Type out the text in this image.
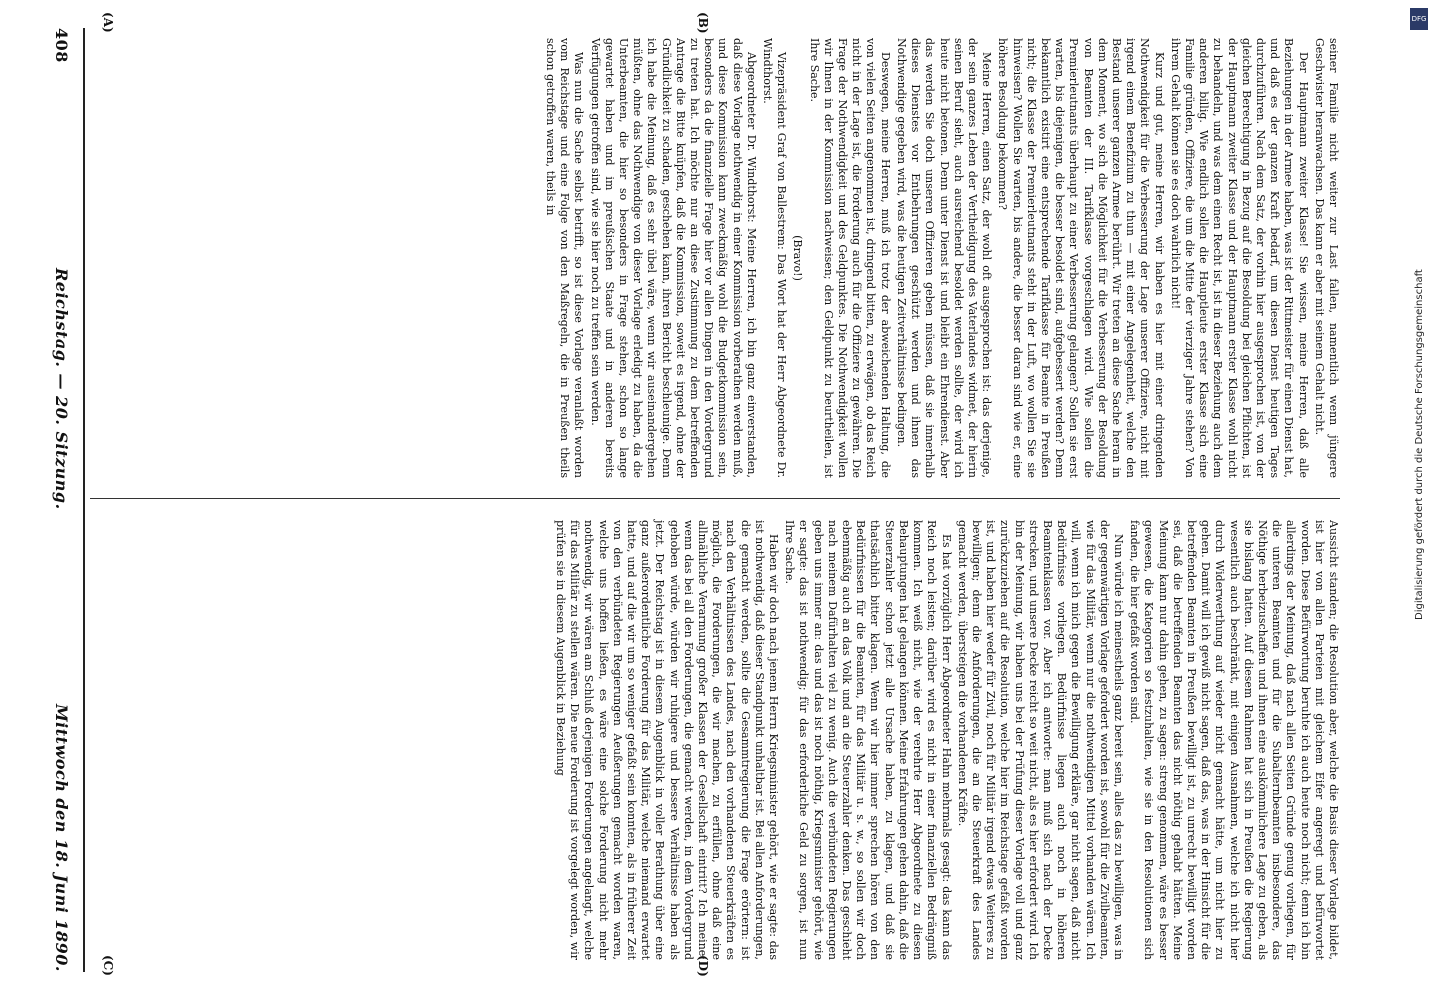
408
Reichstag. — 20. Sitzung.
Mittwoch den 18. Juni 1890.
(A)	(B)
(C)	(D)

seiner Familie nicht weiter zur Last fallen, namentlich wenn jüngere Geschwister heranwachsen. Das kann er aber mit seinem Gehalt nicht.

Der Hauptmann zweiter Klasse! Sie wissen, meine Herren, daß alle Beziehungen in der Armee haben, was ist der Rittmeister für einen Dienst hat, und daß es der ganzen Kraft bedarf, um diesen Dienst heutigen Tages durchzuführen. Nach dem Satz, der vorhin hier ausgesprochen ist, von der gleichen Berechtigung in Bezug auf die Besoldung bei gleichen Pflichten, ist der Hauptmann zweiter Klasse und der Hauptmann erster Klasse wohl nicht zu behandeln, und was dem einen Recht ist, ist in dieser Beziehung auch dem anderen billig. Wie endlich sollen die Hauptleute erster Klasse sich eine Familie gründen, Offiziere, die um die Mitte der vierziger Jahre stehen? Von ihrem Gehalt können sie es doch wahrlich nicht!

Kurz und gut, meine Herren, wir haben es hier mit einer dringenden Nothwendigkeit für die Verbesserung der Lage unserer Offiziere, nicht mit irgend einem Benefizium zu thun — mit einer Angelegenheit, welche den Bestand unserer ganzen Armee berührt. Wir treten an diese Sache heran in dem Moment, wo sich die Möglichkeit für die Verbesserung der Besoldung von Beamten der III. Tarifklasse vorgeschlagen wird. Wie sollen die Premierleutnants überhaupt zu einer Verbesserung gelangen? Sollen sie erst warten, bis diejenigen, die besser besoldet sind, aufgebessert werden? Denn bekanntlich existirt eine entsprechende Tarifklasse für Beamte in Preußen nicht; die Klasse der Premierleutnants steht in der Luft, wo wollen Sie sie hinweisen? Wollen Sie warten, bis andere, die besser daran sind wie er, eine höhere Besoldung bekommen?

Meine Herren, einen Satz, der wohl oft ausgesprochen ist: das derjenige, der sein ganzes Leben der Vertheidigung des Vaterlandes widmet, der hierin seinen Beruf sieht, auch ausreichend besoldet werden sollte, der wird ich heute nicht betonen. Denn unter Dienst ist und bleibt ein Ehrendienst. Aber das werden Sie doch unseren Offizieren geben müssen, daß sie innerhalb dieses Dienstes vor Entbehrungen geschützt werden und ihnen das Nothwendige gegeben wird, was die heutigen Zeitverhältnisse bedingen.

Deswegen, meine Herren, muß ich trotz der abweichenden Haltung, die von vielen Seiten angenommen ist, dringend bitten, zu erwägen, ob das Reich nicht in der Lage ist, die Forderung auch für die Offiziere zu gewähren. Die Frage der Nothwendigkeit und des Geldpunktes. Die Nothwendigkeit wollen wir Ihnen in der Kommission nachweisen; den Geldpunkt zu beurtheilen, ist Ihre Sache.

(Bravo!)

Vizepräsident Graf von Ballestrem: Das Wort hat der Herr Abgeordnete Dr. Windthorst.

Abgeordneter Dr. Windthorst: Meine Herren, ich bin ganz einverstanden, daß diese Vorlage nothwendig in einer Kommission vorberathen werden muß, und diese Kommission kann zweckmäßig wohl die Budgetkommission sein, besonders da die finanzielle Frage hier vor allen Dingen in den Vordergrund zu treten hat. Ich möchte nur an diese Zustimmung zu dem betreffenden Antrage die Bitte knüpfen, daß die Kommission, soweit es irgend, ohne der Gründlichkeit zu schaden, geschehen kann, ihren Bericht beschleunige. Denn ich habe die Meinung, daß es sehr übel wäre, wenn wir auseinandergehen müßten, ohne das Nothwendige von dieser Vorlage erledigt zu haben, da die Unterbeamten, die hier so besonders in Frage stehen, schon so lange gewartet haben und im preußischen Staate und in anderen bereits Verfügungen getroffen sind, wie sie hier noch zu treffen sein werden.

Was nun die Sache selbst betrifft, so ist diese Vorlage veranlaßt worden vom Reichstage und eine Folge von den Maßregeln, die in Preußen theils schon getroffen waren, theils in

Aussicht standen; die Resolution aber, welche die Basis dieser Vorlage bildet, ist hier von allen Parteien mit gleichem Eifer angeregt und befürwortet worden. Diese Befürwortung beruhte ich auch heute noch nicht; denn ich bin allerdings der Meinung, daß nach allen Seiten Gründe genug vorliegen, für die unteren Beamten und für die Subalternbeamten insbesondere, das Nöthige herbeizuschaffen und ihnen eine auskömmlichere Lage zu geben, als sie bislang hatten. Auf diesem Rahmen hat sich in Preußen die Regierung wesentlich auch beschränkt, mit einigen Ausnahmen, welche ich nicht hier durch Widerwerthung auf wieder nicht gemacht hätte, um nicht hier zu gehen. Damit will ich gewiß nicht sagen, daß das, was in der Hinsicht für die betreffenden Beamten in Preußen bewilligt ist, zu unrecht bewilligt worden sei, daß die betreffenden Beamten das nicht nöthig gehabt hätten. Meine Meinung kann nur dahin gehen, zu sagen: streng genommen, wäre es besser gewesen, die Kategorien so festzuhalten, wie sie in den Resolutionen sich fanden, die hier gefaßt worden sind.

Nun würde ich meinestheils ganz bereit sein, alles das zu bewilligen, was in der gegenwärtigen Vorlage gefordert worden ist, sowohl für die Zivilbeamten, wie für das Militär, wenn nur die nothwendigen Mittel vorhanden wären. Ich will, wenn ich mich gegen die Bewilligung erkläre, gar nicht sagen, daß nicht Bedürfnisse vorliegen. Bedürfnisse liegen auch noch in höheren Beamtenklassen vor. Aber ich antworte: man muß sich nach der Decke strecken, und unsere Decke reicht so weit nicht, als es hier erfordert wird. Ich bin der Meinung, wir haben uns bei der Prüfung dieser Vorlage voll und ganz zurückzuziehen auf die Resolution, welche hier im Reichstage gefaßt worden ist, und haben hier weder für Zivil, noch für Militär irgend etwas Weiteres zu bewilligen; denn die Anforderungen, die an die Steuerkraft des Landes gemacht werden, übersteigen die vorhandenen Kräfte.

Es hat vorzüglich Herr Abgeordneter Hahn mehrmals gesagt: das kann das Reich noch leisten; darüber wird es nicht in einer finanziellen Bedrängniß kommen. Ich weiß nicht, wie der verehrte Herr Abgeordnete zu diesen Behauptungen hat gelangen können. Meine Erfahrungen gehen dahin, daß die Steuerzahler schon jetzt alle Ursache haben, zu klagen, und daß sie thatsächlich bitter klagen. Wenn wir hier immer sprechen hören von den Bedürfnissen für die Beamten, für das Militär u. s. w., so sollen wir doch ebenmäßig auch an das Volk und an die Steuerzahler denken. Das geschieht nach meinem Dafürhalten viel zu wenig. Auch die verbündeten Regierungen geben uns immer an: das und das ist noch nöthig, Kriegsminister gehört, wie er sagte: das ist nothwendig; für das erforderliche Geld zu sorgen, ist nun Ihre Sache.

Haben wir doch nach jenem Herrn Kriegsminister gehört, wie er sagte: das ist nothwendig, daß dieser Standpunkt unhaltbar ist. Bei allen Anforderungen, die gemacht werden, sollte die Gesammtregierung die Frage erörtern: ist nach den Verhältnissen des Landes, nach den vorhandenen Steuerkräften es möglich, die Forderungen, die wir machen, zu erfüllen, ohne daß eine allmähliche Verarmung großer Klassen der Gesellschaft eintritt? Ich meine: wenn das bei all den Forderungen, die gemacht werden, in dem Vordergrund gehoben würde, würden wir ruhigere und bessere Verhältnisse haben als jetzt. Der Reichstag ist in diesem Augenblick in voller Berathung über eine ganz außerordentliche Forderung für das Militär, welche niemand erwartet hatte, und auf die wir um so weniger gefaßt sein konnten, als in früherer Zeit von den verbündeten Regierungen Aeußerungen gemacht worden waren, welche uns hoffen ließen, es wäre eine solche Forderung nicht mehr nothwendig, wir wären am Schluß derjenigen Forderungen angelangt, welche für das Militär zu stellen wären. Die neue Forderung ist vorgelegt worden, wir prüfen sie in diesem Augenblick in Beziehung

DFG
Digitalisierung gefördert durch die Deutsche Forschungsgemeinschaft
